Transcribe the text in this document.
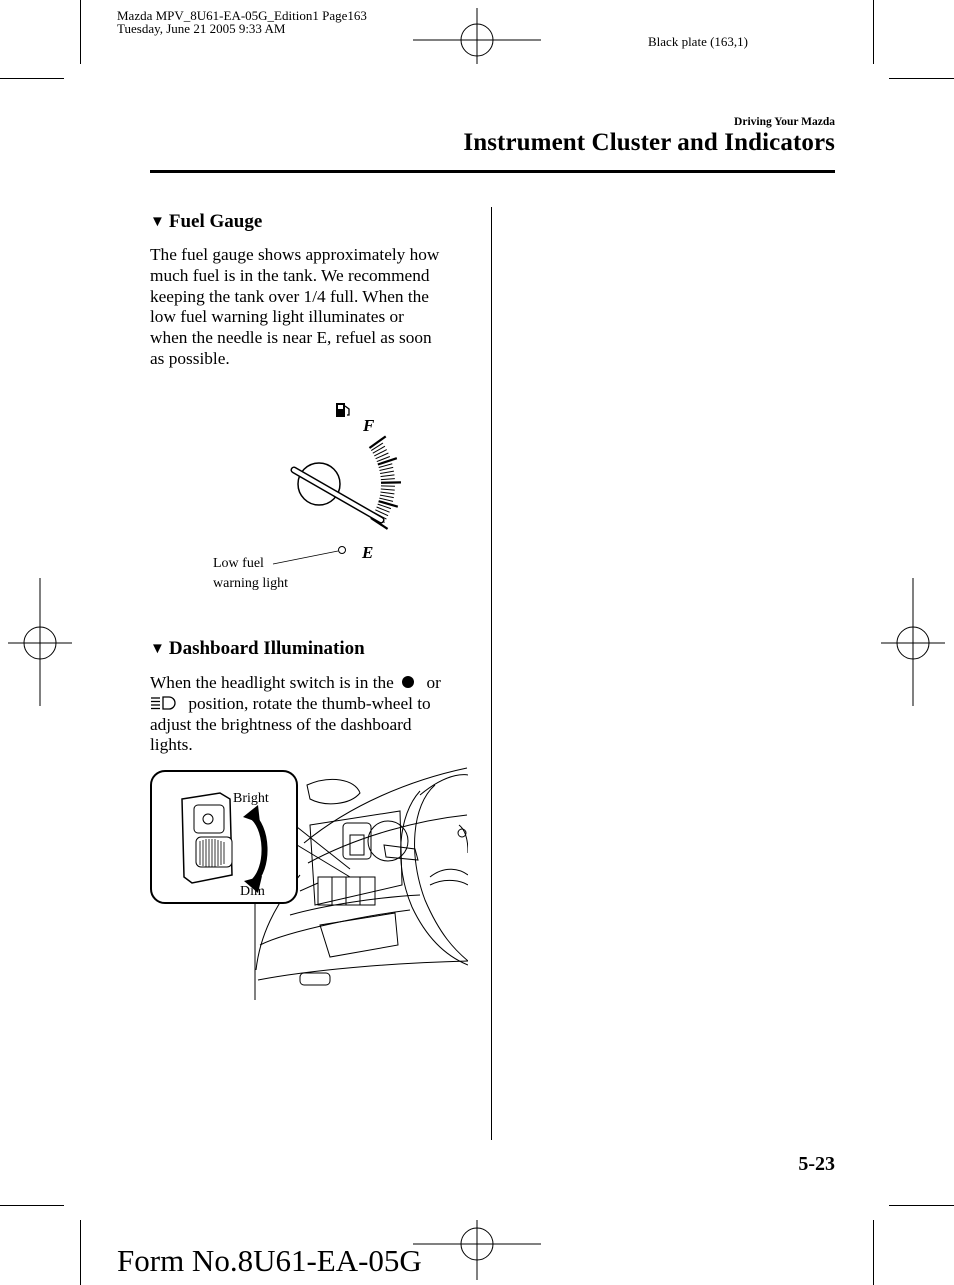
Mazda MPV_8U61-EA-05G_Edition1 Page163
Tuesday, June 21 2005 9:33 AM
Black plate (163,1)
Driving Your Mazda
Instrument Cluster and Indicators
▼ Fuel Gauge
The fuel gauge shows approximately how
much fuel is in the tank. We recommend
keeping the tank over 1/4 full. When the
low fuel warning light illuminates or
when the needle is near E, refuel as soon
as possible.
F
E
Low fuel
warning light
▼ Dashboard Illumination
When the headlight switch is in the or
position, rotate the thumb-wheel to
adjust the brightness of the dashboard
lights.
Bright
Dim
5-23
Form No.8U61-EA-05G
